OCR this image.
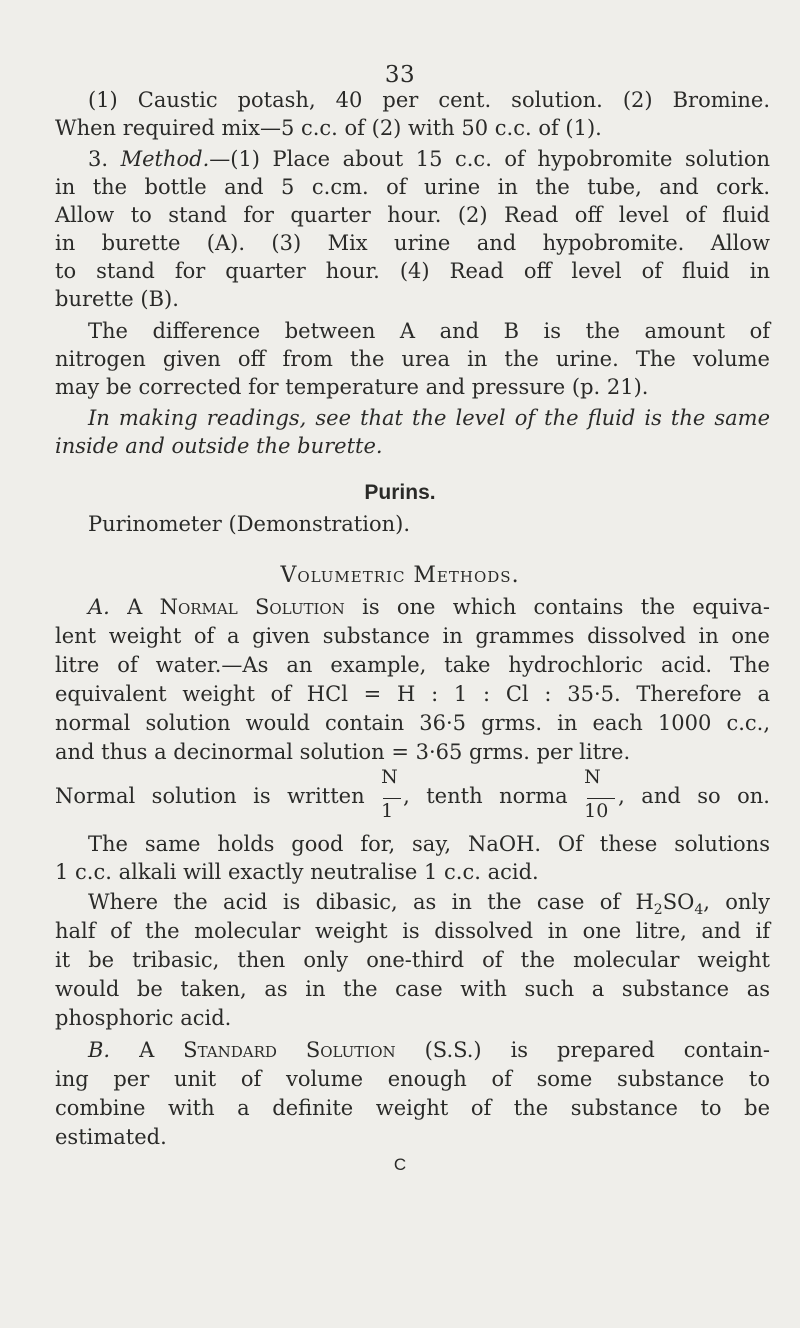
33
(1) Caustic potash, 40 per cent. solution. (2) Bromine.
When required mix—5 c.c. of (2) with 50 c.c. of (1).
3. Method.—(1) Place about 15 c.c. of hypobromite solution
in the bottle and 5 c.cm. of urine in the tube, and cork.
Allow to stand for quarter hour. (2) Read off level of fluid
in burette (A). (3) Mix urine and hypobromite. Allow
to stand for quarter hour. (4) Read off level of fluid in
burette (B).
The difference between A and B is the amount of
nitrogen given off from the urea in the urine. The volume
may be corrected for temperature and pressure (p. 21).
In making readings, see that the level of the fluid is the same
inside and outside the burette.
Purins.
Purinometer (Demonstration).
Volumetric Methods.
A. A Normal Solution is one which contains the equiva-
lent weight of a given substance in grammes dissolved in one
litre of water.—As an example, take hydrochloric acid. The
equivalent weight of HCl = H : 1 : Cl : 35·5. Therefore a
normal solution would contain 36·5 grms. in each 1000 c.c.,
and thus a decinormal solution = 3·65 grms. per litre.
Normal solution is written $\frac{N}{1}$ , tenth norma $\frac{N}{10}$ , and so on.
The same holds good for, say, NaOH. Of these solutions
1 c.c. alkali will exactly neutralise 1 c.c. acid.
Where the acid is dibasic, as in the case of $H_2SO_4$, only
half of the molecular weight is dissolved in one litre, and if
it be tribasic, then only one-third of the molecular weight
would be taken, as in the case with such a substance as
phosphoric acid.
B. A Standard Solution (S.S.) is prepared contain-
ing per unit of volume enough of some substance to
combine with a definite weight of the substance to be
estimated.
C
